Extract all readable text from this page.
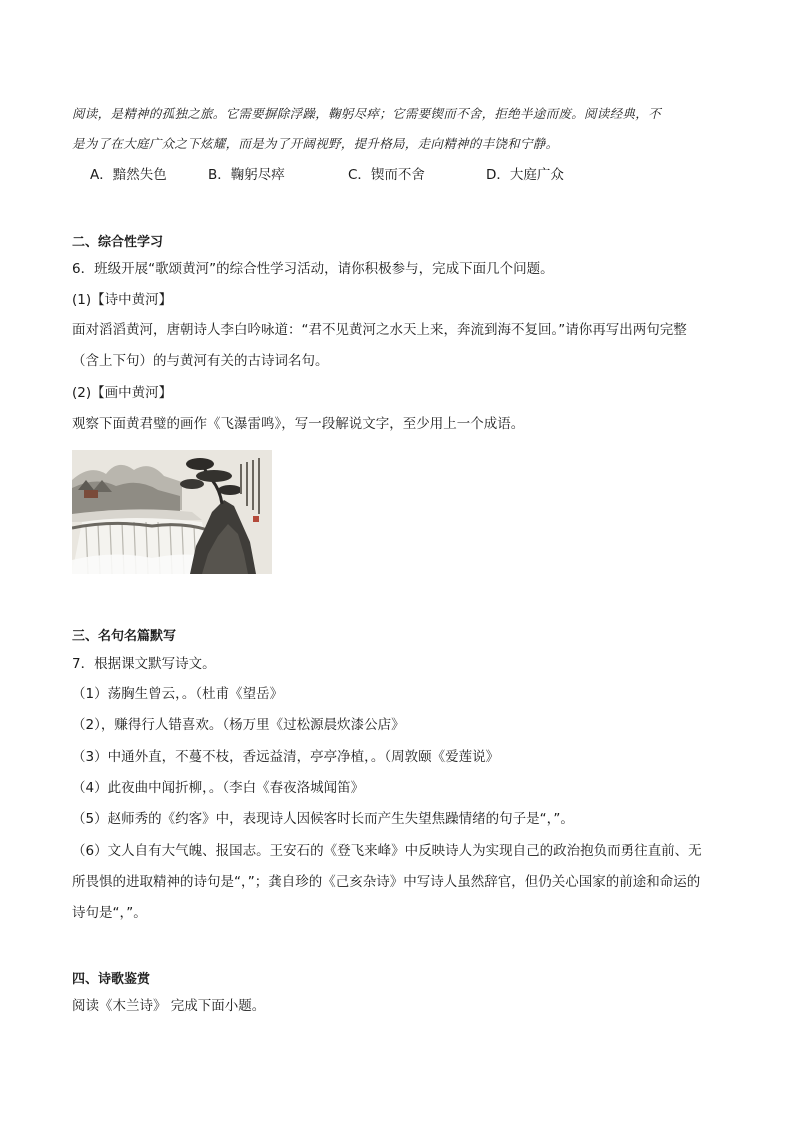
阅读，是精神的孤独之旅。它需要摒除浮躁，鞠躬尽瘁；它需要锲而不舍，拒绝半途而废。阅读经典，不
是为了在大庭广众之下炫耀，而是为了开阔视野，提升格局，走向精神的丰饶和宁静。
A．黯然失色	B．鞠躬尽瘁	C．锲而不舍	D．大庭广众
二、综合性学习
6．班级开展“歌颂黄河”的综合性学习活动，请你积极参与，完成下面几个问题。
(1)【诗中黄河】
面对滔滔黄河，唐朝诗人李白吟咏道：“君不见黄河之水天上来，奔流到海不复回。”请你再写出两句完整
（含上下句）的与黄河有关的古诗词名句。
(2)【画中黄河】
观察下面黄君璧的画作《飞瀑雷鸣》，写一段解说文字，至少用上一个成语。
三、名句名篇默写
7．根据课文默写诗文。
（1）荡胸生曾云，。（杜甫《望岳》
（2），赚得行人错喜欢。（杨万里《过松源晨炊漆公店》
（3）中通外直，不蔓不枝，香远益清，亭亭净植，。（周敦颐《爱莲说》
（4）此夜曲中闻折柳，。（李白《春夜洛城闻笛》
（5）赵师秀的《约客》中，表现诗人因候客时长而产生失望焦躁情绪的句子是“，”。
（6）文人自有大气魄、报国志。王安石的《登飞来峰》中反映诗人为实现自己的政治抱负而勇往直前、无
所畏惧的进取精神的诗句是“，”；龚自珍的《己亥杂诗》中写诗人虽然辞官，但仍关心国家的前途和命运的
诗句是“，”。
四、诗歌鉴赏
阅读《木兰诗》 完成下面小题。
